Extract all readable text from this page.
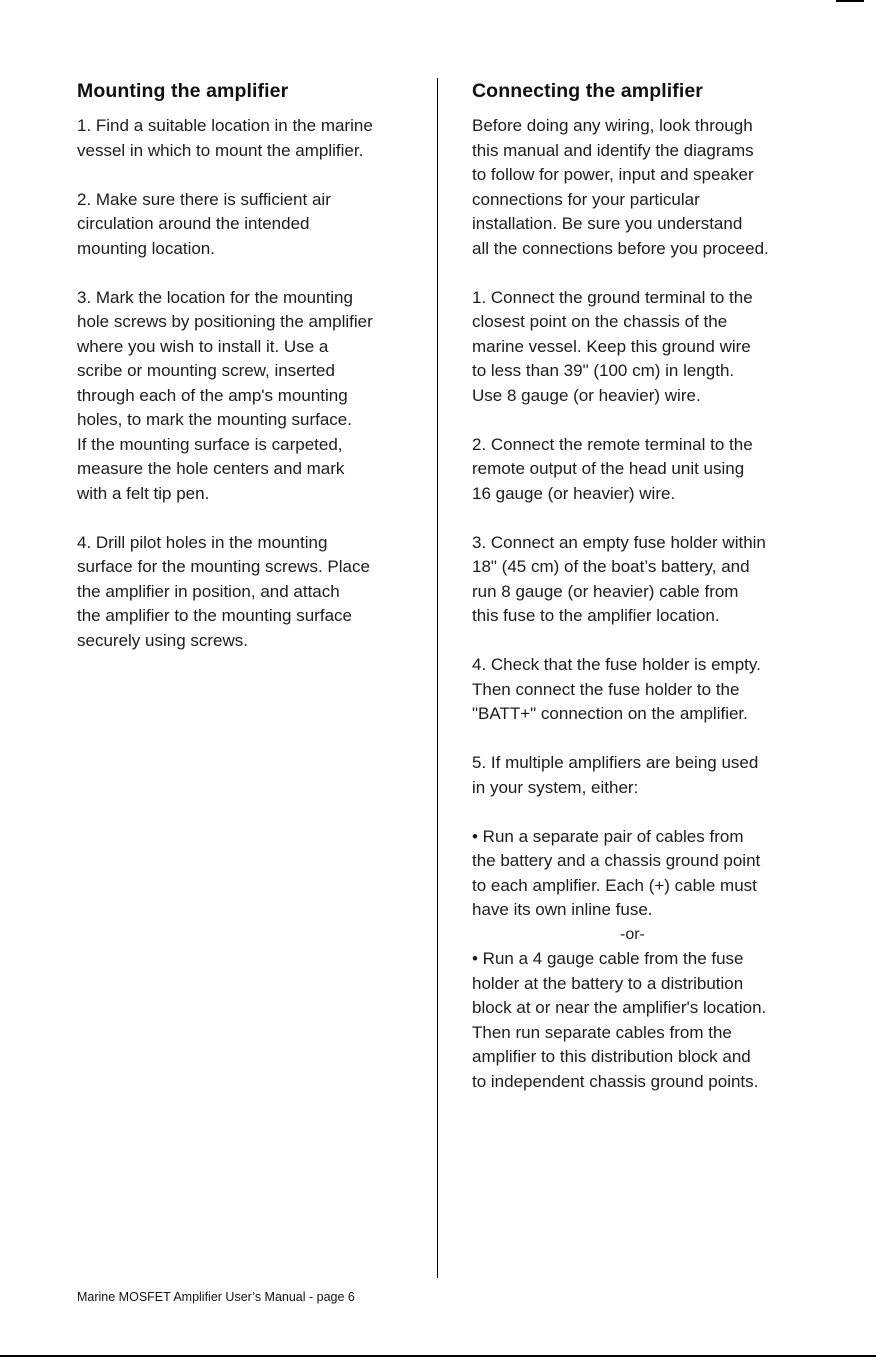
Mounting the amplifier

1. Find a suitable location in the marine
vessel in which to mount the amplifier.

2. Make sure there is sufficient air
circulation around the intended
mounting location.

3. Mark the location for the mounting
hole screws by positioning the amplifier
where you wish to install it. Use a
scribe or mounting screw, inserted
through each of the amp's mounting
holes, to mark the mounting surface.
If the mounting surface is carpeted,
measure the hole centers and mark
with a felt tip pen.

4. Drill pilot holes in the mounting
surface for the mounting screws. Place
the amplifier in position, and attach
the amplifier to the mounting surface
securely using screws.

Connecting the amplifier

Before doing any wiring, look through
this manual and identify the diagrams
to follow for power, input and speaker
connections for your particular
installation. Be sure you understand
all the connections before you proceed.

1. Connect the ground terminal to the
closest point on the chassis of the
marine vessel. Keep this ground wire
to less than 39" (100 cm) in length.
Use 8 gauge (or heavier) wire.

2. Connect the remote terminal to the
remote output of the head unit using
16 gauge (or heavier) wire.

3. Connect an empty fuse holder within
18" (45 cm) of the boat’s battery, and
run 8 gauge (or heavier) cable from
this fuse to the amplifier location.

4. Check that the fuse holder is empty.
Then connect the fuse holder to the
"BATT+" connection on the amplifier.

5. If multiple amplifiers are being used
in your system, either:

• Run a separate pair of cables from
the battery and a chassis ground point
to each amplifier. Each (+) cable must
have its own inline fuse.

-or-

• Run a 4 gauge cable from the fuse
holder at the battery to a distribution
block at or near the amplifier's location.
Then run separate cables from the
amplifier to this distribution block and
to independent chassis ground points.

Marine MOSFET Amplifier User’s Manual - page 6
